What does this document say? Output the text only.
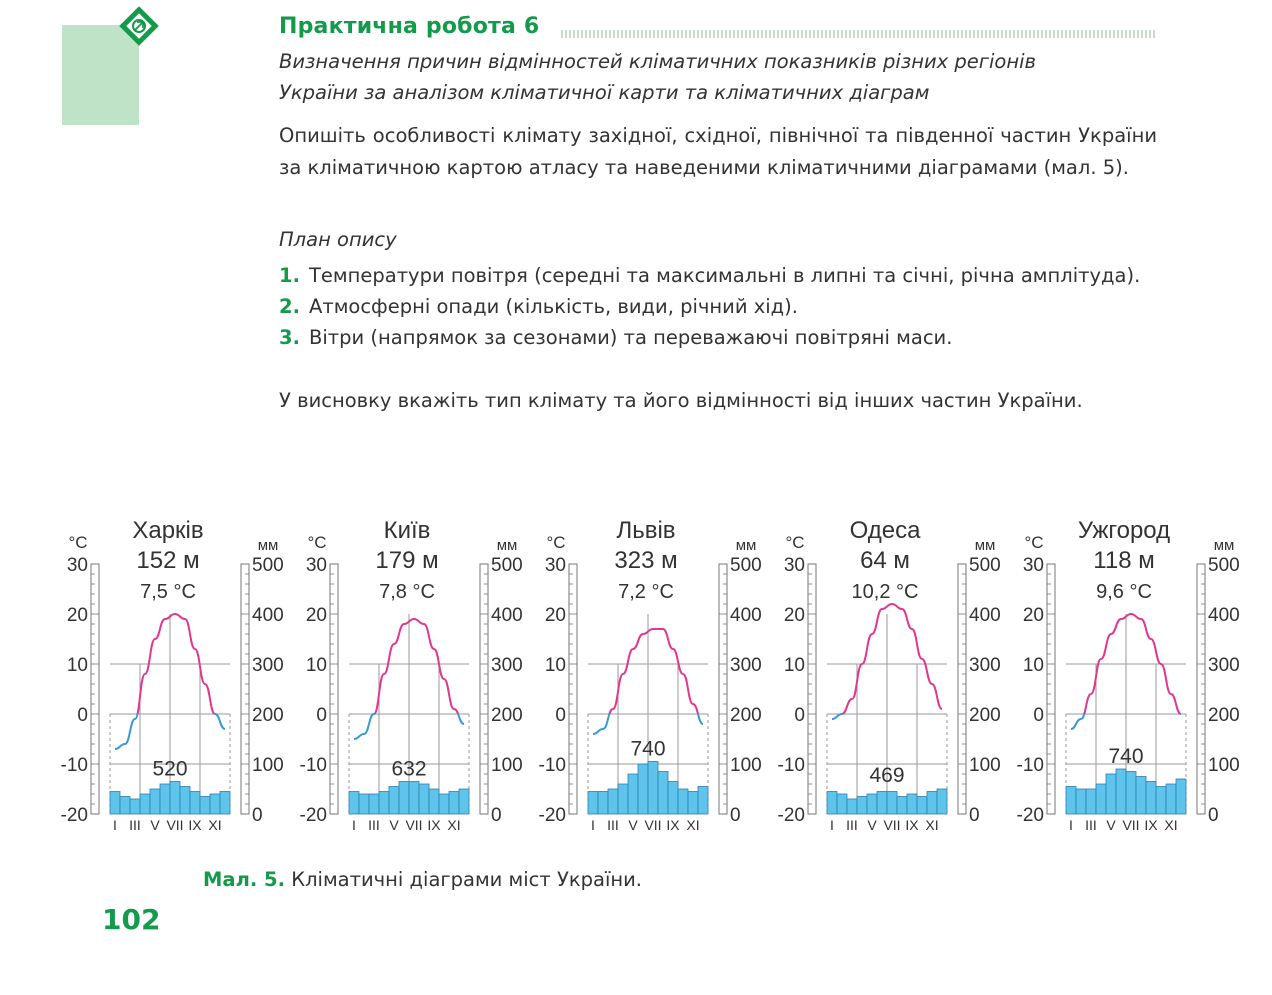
Практична робота 6
Визначення причин відмінностей кліматичних показників різних регіонів
України за аналізом кліматичної карти та кліматичних діаграм
Опишіть особливості клімату західної, східної, північної та південної частин України за кліматичною картою атласу та наведеними кліматичними діаграмами (мал. 5).
План опису
1. Температури повітря (середні та максимальні в липні та січні, річна амплітуда).
2. Атмосферні опади (кількість, види, річний хід).
3. Вітри (напрямок за сезонами) та переважаючі повітряні маси.
У висновку вкажіть тип клімату та його відмінності від інших частин України.
Харків
152 м
7,5 °С
°С	мм
-20
-10
0
10
20
30
0
100
200
300
400
500
520
I III V VII IX XI
Київ
179 м
7,8 °С
°С	мм
-20
-10
0
10
20
30
0
100
200
300
400
500
632
I III V VII IX XI
Львів
323 м
7,2 °С
°С	мм
-20
-10
0
10
20
30
0
100
200
300
400
500
740
I III V VII IX XI
Одеса
64 м
10,2 °С
°С	мм
-20
-10
0
10
20
30
0
100
200
300
400
500
469
I III V VII IX XI
Ужгород
118 м
9,6 °С
°С	мм
-20
-10
0
10
20
30
0
100
200
300
400
500
740
I III V VII IX XI
Мал. 5. Кліматичні діаграми міст України.
102
